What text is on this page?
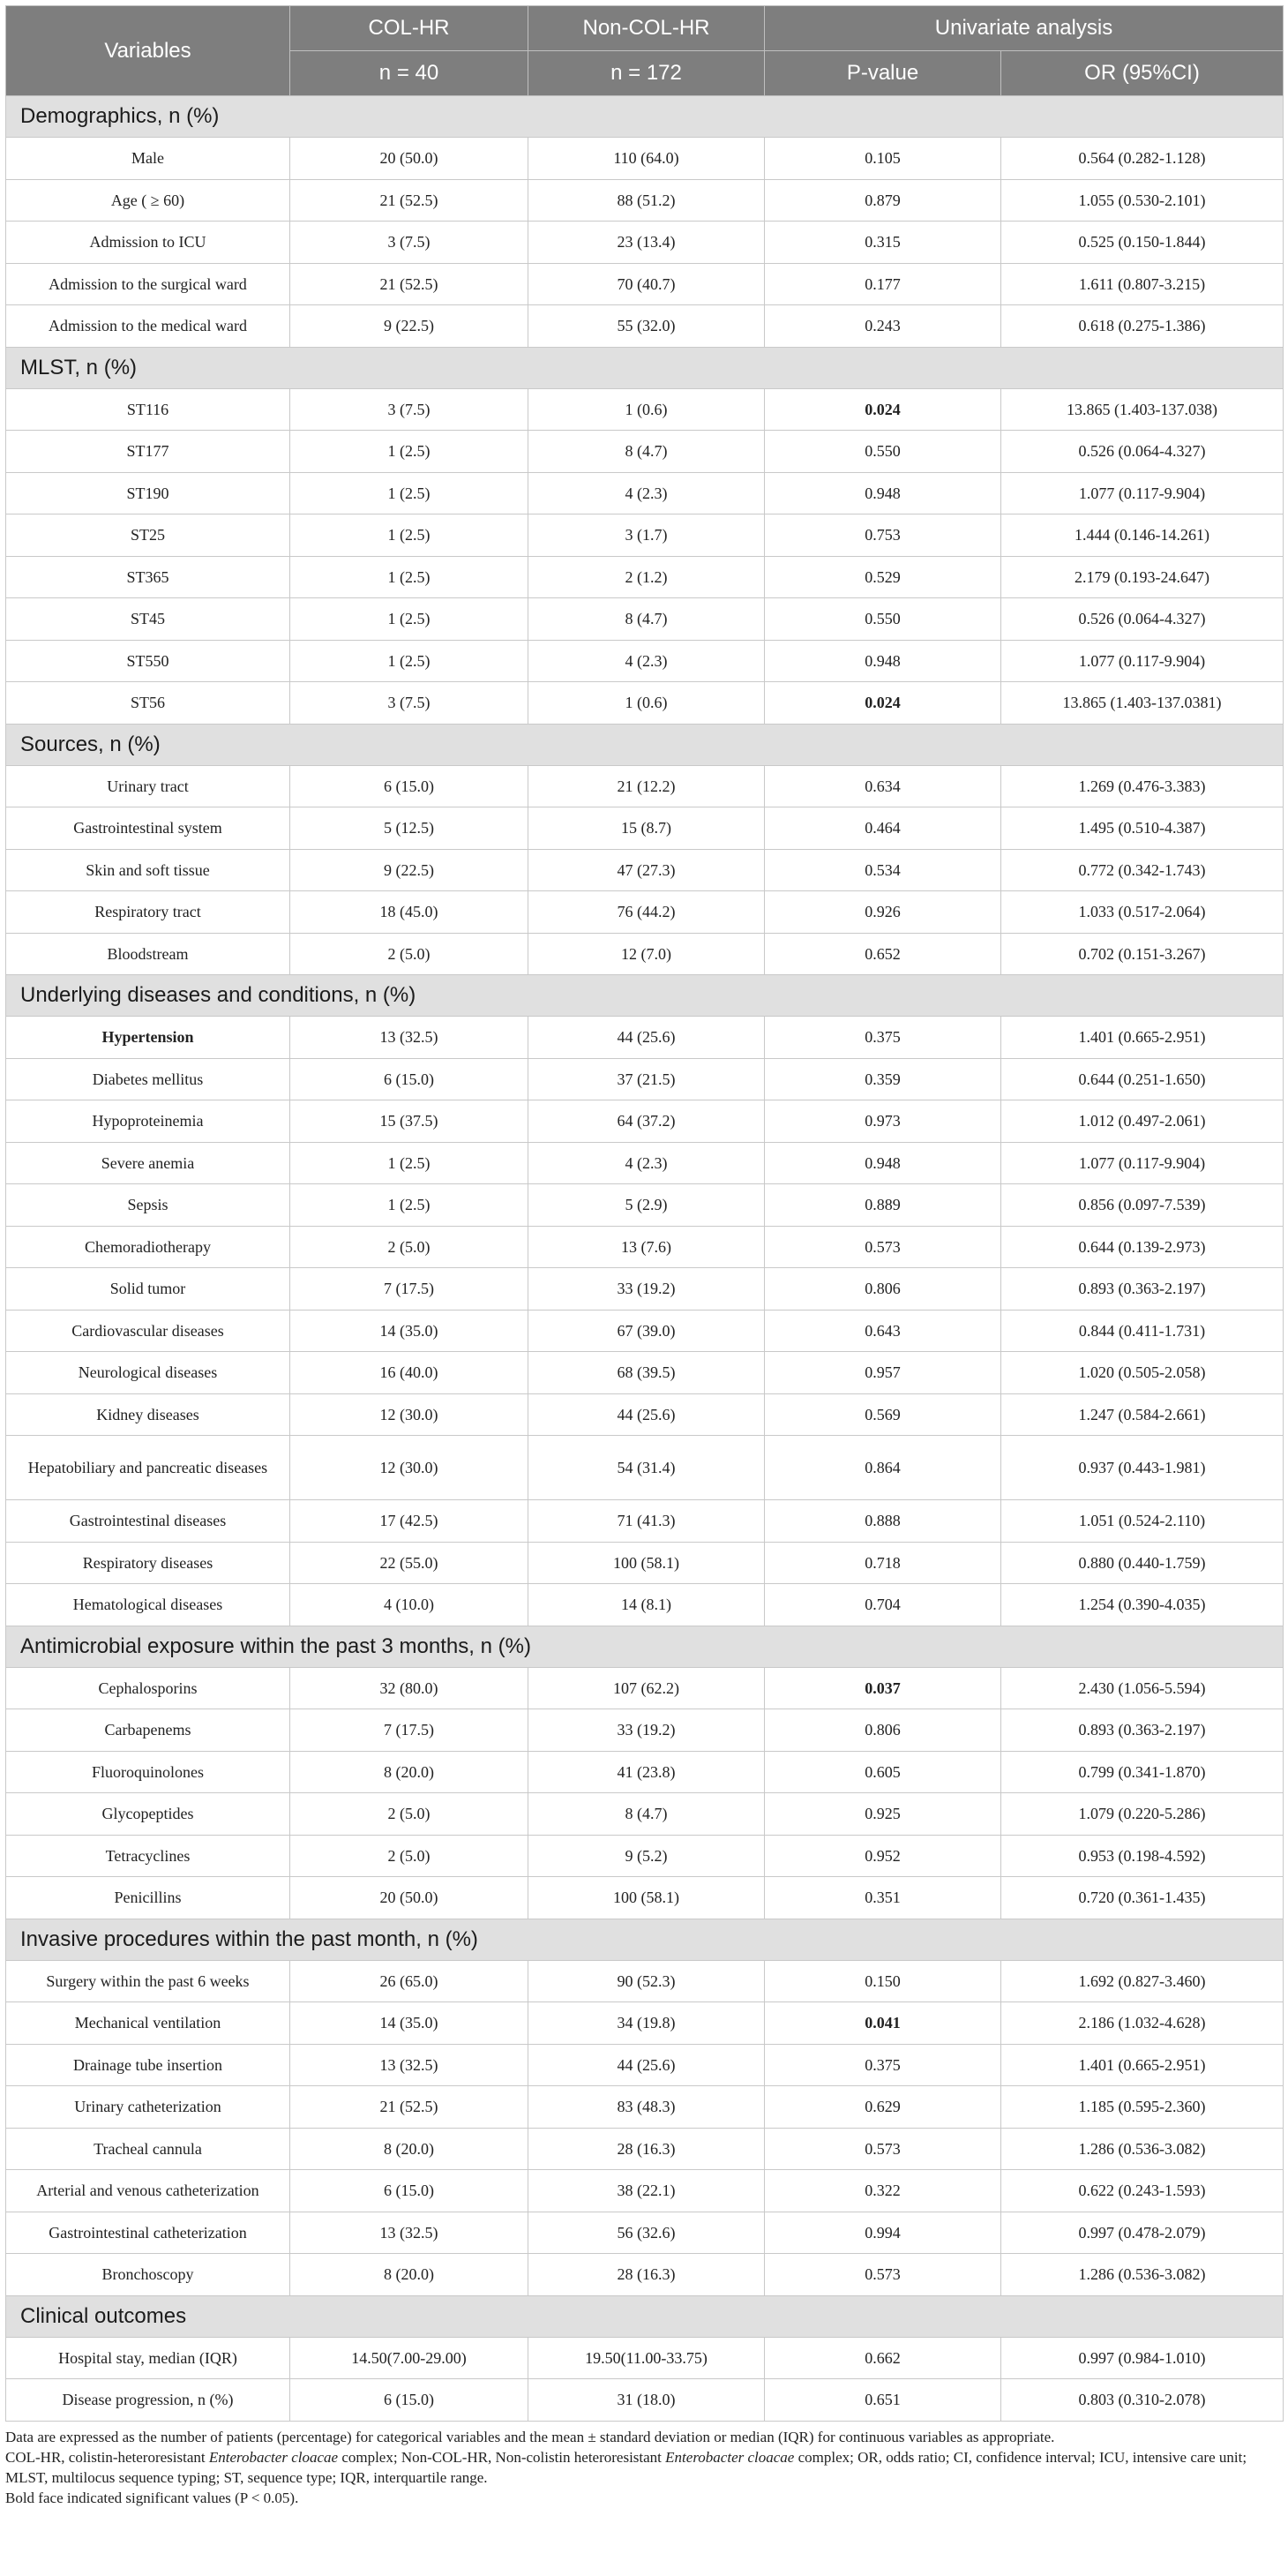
Variables	COL-HR	Non-COL-HR	Univariate analysis	
	n = 40	n = 172	P-value	OR (95%CI)
Demographics, n (%)				
Male	20 (50.0)	110 (64.0)	0.105	0.564 (0.282-1.128)
Age ( ≥ 60)	21 (52.5)	88 (51.2)	0.879	1.055 (0.530-2.101)
Admission to ICU	3 (7.5)	23 (13.4)	0.315	0.525 (0.150-1.844)
Admission to the surgical ward	21 (52.5)	70 (40.7)	0.177	1.611 (0.807-3.215)
Admission to the medical ward	9 (22.5)	55 (32.0)	0.243	0.618 (0.275-1.386)
MLST, n (%)				
ST116	3 (7.5)	1 (0.6)	0.024	13.865 (1.403-137.038)
ST177	1 (2.5)	8 (4.7)	0.550	0.526 (0.064-4.327)
ST190	1 (2.5)	4 (2.3)	0.948	1.077 (0.117-9.904)
ST25	1 (2.5)	3 (1.7)	0.753	1.444 (0.146-14.261)
ST365	1 (2.5)	2 (1.2)	0.529	2.179 (0.193-24.647)
ST45	1 (2.5)	8 (4.7)	0.550	0.526 (0.064-4.327)
ST550	1 (2.5)	4 (2.3)	0.948	1.077 (0.117-9.904)
ST56	3 (7.5)	1 (0.6)	0.024	13.865 (1.403-137.0381)
Sources, n (%)				
Urinary tract	6 (15.0)	21 (12.2)	0.634	1.269 (0.476-3.383)
Gastrointestinal system	5 (12.5)	15 (8.7)	0.464	1.495 (0.510-4.387)
Skin and soft tissue	9 (22.5)	47 (27.3)	0.534	0.772 (0.342-1.743)
Respiratory tract	18 (45.0)	76 (44.2)	0.926	1.033 (0.517-2.064)
Bloodstream	2 (5.0)	12 (7.0)	0.652	0.702 (0.151-3.267)
Underlying diseases and conditions, n (%)				
Hypertension	13 (32.5)	44 (25.6)	0.375	1.401 (0.665-2.951)
Diabetes mellitus	6 (15.0)	37 (21.5)	0.359	0.644 (0.251-1.650)
Hypoproteinemia	15 (37.5)	64 (37.2)	0.973	1.012 (0.497-2.061)
Severe anemia	1 (2.5)	4 (2.3)	0.948	1.077 (0.117-9.904)
Sepsis	1 (2.5)	5 (2.9)	0.889	0.856 (0.097-7.539)
Chemoradiotherapy	2 (5.0)	13 (7.6)	0.573	0.644 (0.139-2.973)
Solid tumor	7 (17.5)	33 (19.2)	0.806	0.893 (0.363-2.197)
Cardiovascular diseases	14 (35.0)	67 (39.0)	0.643	0.844 (0.411-1.731)
Neurological diseases	16 (40.0)	68 (39.5)	0.957	1.020 (0.505-2.058)
Kidney diseases	12 (30.0)	44 (25.6)	0.569	1.247 (0.584-2.661)
Hepatobiliary and pancreatic diseases	12 (30.0)	54 (31.4)	0.864	0.937 (0.443-1.981)
Gastrointestinal diseases	17 (42.5)	71 (41.3)	0.888	1.051 (0.524-2.110)
Respiratory diseases	22 (55.0)	100 (58.1)	0.718	0.880 (0.440-1.759)
Hematological diseases	4 (10.0)	14 (8.1)	0.704	1.254 (0.390-4.035)
Antimicrobial exposure within the past 3 months, n (%)				
Cephalosporins	32 (80.0)	107 (62.2)	0.037	2.430 (1.056-5.594)
Carbapenems	7 (17.5)	33 (19.2)	0.806	0.893 (0.363-2.197)
Fluoroquinolones	8 (20.0)	41 (23.8)	0.605	0.799 (0.341-1.870)
Glycopeptides	2 (5.0)	8 (4.7)	0.925	1.079 (0.220-5.286)
Tetracyclines	2 (5.0)	9 (5.2)	0.952	0.953 (0.198-4.592)
Penicillins	20 (50.0)	100 (58.1)	0.351	0.720 (0.361-1.435)
Invasive procedures within the past month, n (%)				
Surgery within the past 6 weeks	26 (65.0)	90 (52.3)	0.150	1.692 (0.827-3.460)
Mechanical ventilation	14 (35.0)	34 (19.8)	0.041	2.186 (1.032-4.628)
Drainage tube insertion	13 (32.5)	44 (25.6)	0.375	1.401 (0.665-2.951)
Urinary catheterization	21 (52.5)	83 (48.3)	0.629	1.185 (0.595-2.360)
Tracheal cannula	8 (20.0)	28 (16.3)	0.573	1.286 (0.536-3.082)
Arterial and venous catheterization	6 (15.0)	38 (22.1)	0.322	0.622 (0.243-1.593)
Gastrointestinal catheterization	13 (32.5)	56 (32.6)	0.994	0.997 (0.478-2.079)
Bronchoscopy	8 (20.0)	28 (16.3)	0.573	1.286 (0.536-3.082)
Clinical outcomes				
Hospital stay, median (IQR)	14.50(7.00-29.00)	19.50(11.00-33.75)	0.662	0.997 (0.984-1.010)
Disease progression, n (%)	6 (15.0)	31 (18.0)	0.651	0.803 (0.310-2.078)

Data are expressed as the number of patients (percentage) for categorical variables and the mean ± standard deviation or median (IQR) for continuous variables as appropriate.

COL-HR, colistin-heteroresistant Enterobacter cloacae complex; Non-COL-HR, Non-colistin heteroresistant Enterobacter cloacae complex; OR, odds ratio; CI, confidence interval; ICU, intensive care unit; MLST, multilocus sequence typing; ST, sequence type; IQR, interquartile range.

Bold face indicated significant values (P < 0.05).
